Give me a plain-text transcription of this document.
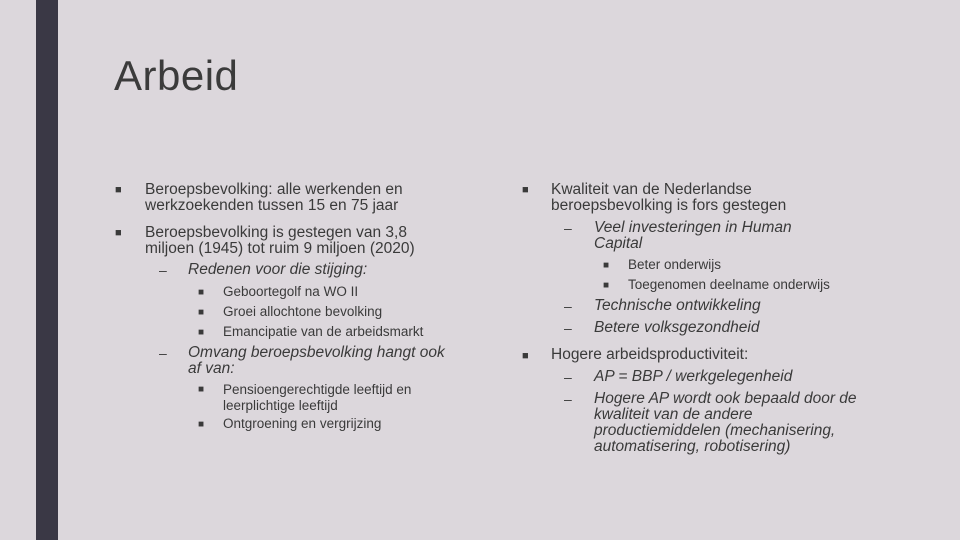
Arbeid
■ Beroepsbevolking: alle werkenden en werkzoekenden tussen 15 en 75 jaar
■ Beroepsbevolking is gestegen van 3,8 miljoen (1945) tot ruim 9 miljoen (2020)
– Redenen voor die stijging:
■ Geboortegolf na WO II
■ Groei allochtone bevolking
■ Emancipatie van de arbeidsmarkt
– Omvang beroepsbevolking hangt ook af van:
■ Pensioengerechtigde leeftijd en leerplichtige leeftijd
■ Ontgroening en vergrijzing
■ Kwaliteit van de Nederlandse beroepsbevolking is fors gestegen
– Veel investeringen in Human Capital
■ Beter onderwijs
■ Toegenomen deelname onderwijs
– Technische ontwikkeling
– Betere volksgezondheid
■ Hogere arbeidsproductiviteit:
– AP = BBP / werkgelegenheid
– Hogere AP wordt ook bepaald door de kwaliteit van de andere productiemiddelen (mechanisering, automatisering, robotisering)
